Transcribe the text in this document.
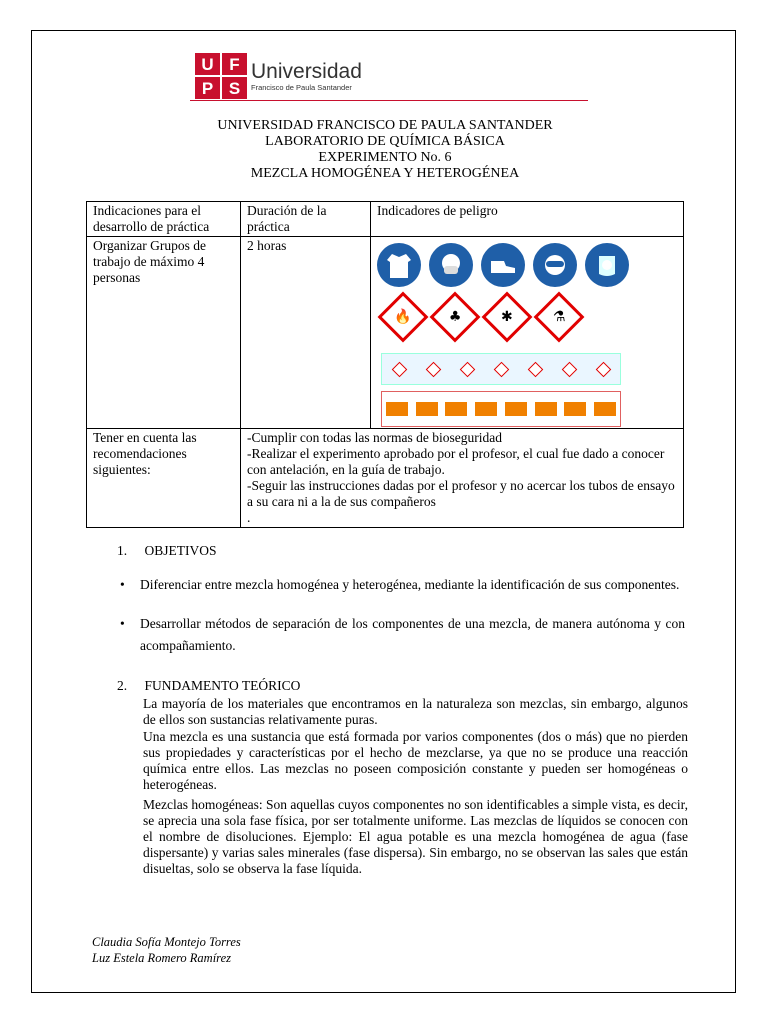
U F
P S
Universidad
Francisco de Paula Santander
UNIVERSIDAD FRANCISCO DE PAULA SANTANDER
LABORATORIO DE QUÍMICA BÁSICA
EXPERIMENTO No. 6
MEZCLA HOMOGÉNEA Y HETEROGÉNEA
Indicaciones para el desarrollo de práctica	Duración de la práctica	Indicadores de peligro
Organizar Grupos de trabajo de máximo 4 personas	2 horas	🔥 ♣ ✱ ⚗

Tener en cuenta las recomendaciones siguientes:	-Cumplir con todas las normas de bioseguridad
-Realizar el experimento aprobado por el profesor, el cual fue dado a conocer con antelación, en la guía de trabajo.
-Seguir las instrucciones dadas por el profesor y no acercar los tubos de ensayo a su cara ni a la de sus compañeros
.	
1. OBJETIVOS
• Diferenciar entre mezcla homogénea y heterogénea, mediante la identificación de sus componentes.
• Desarrollar métodos de separación de los componentes de una mezcla, de manera autónoma y con acompañamiento.
2. FUNDAMENTO TEÓRICO
La mayoría de los materiales que encontramos en la naturaleza son mezclas, sin embargo, algunos de ellos son sustancias relativamente puras.
Una mezcla es una sustancia que está formada por varios componentes (dos o más) que no pierden sus propiedades y características por el hecho de mezclarse, ya que no se produce una reacción química entre ellos. Las mezclas no poseen composición constante y pueden ser homogéneas o heterogéneas.
Mezclas homogéneas: Son aquellas cuyos componentes no son identificables a simple vista, es decir, se aprecia una sola fase física, por ser totalmente uniforme. Las mezclas de líquidos se conocen con el nombre de disoluciones. Ejemplo: El agua potable es una mezcla homogénea de agua (fase dispersante) y varias sales minerales (fase dispersa). Sin embargo, no se observan las sales que están disueltas, solo se observa la fase líquida.
Claudia Sofía Montejo Torres
Luz Estela Romero Ramírez
